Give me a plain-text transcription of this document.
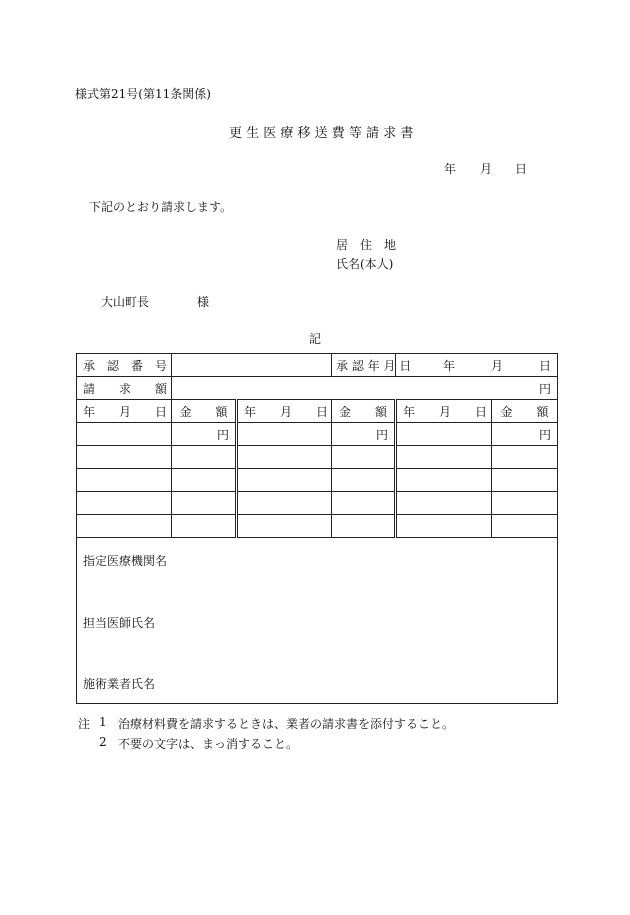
様式第21号(第11条関係)
更 生 医 療 移 送 費 等 請 求 書
年 月 日
下記のとおり請求します。
居　住　地
氏名(本人)
大山町長	様
記
承　認　番　号			承 認 年 月 日	年　　　月　　　日	
請　　求　　額	円				
年　　月　　日	金　　額	年　　月　　日	金　　額	年　　月　　日	金　　額
	円		円		円

指定医療機関名

担当医師氏名

施術業者氏名					

注 1 治療材料費を請求するときは、業者の請求書を添付すること。
2 不要の文字は、まっ消すること。
